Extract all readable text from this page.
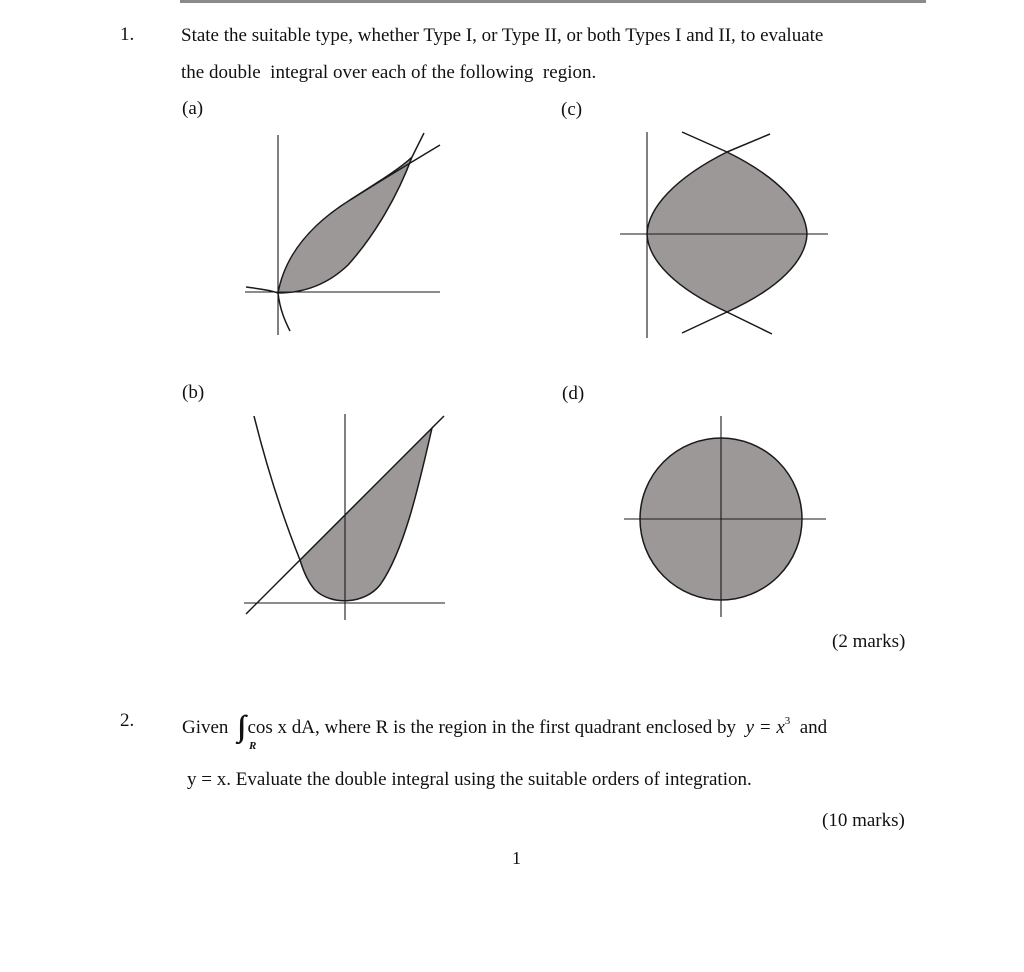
1. State the suitable type, whether Type I, or Type II, or both Types I and II, to evaluate
the double  integral over each of the following  region.
(a)	(c)
(b)	(d)
(2 marks)
2.	Given cos x dA, where R is the region in the first quadrant enclosed by $y = x^3$ and
R
y = x. Evaluate the double integral using the suitable orders of integration.
(10 marks)
1
